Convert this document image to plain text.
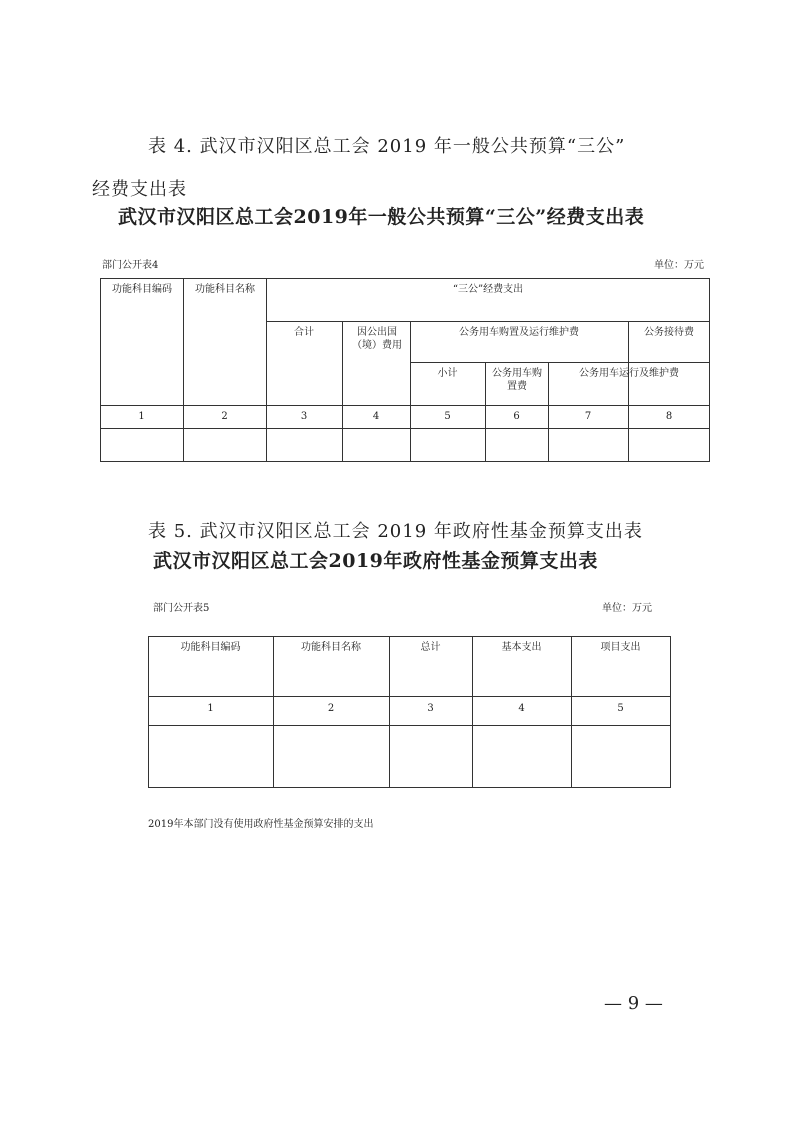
表 4. 武汉市汉阳区总工会 2019 年一般公共预算“三公”
经费支出表
武汉市汉阳区总工会2019年一般公共预算“三公”经费支出表
部门公开表4	单位：万元
功能科目编码	功能科目名称	“三公”经费支出
合计	因公出国（境）费用
公务用车购置及运行维护费	公务接待费
小计	公务用车购置费
公务用车运行及维护费
1	2	3	4	5	6	7	8
表 5. 武汉市汉阳区总工会 2019 年政府性基金预算支出表
武汉市汉阳区总工会2019年政府性基金预算支出表
部门公开表5	单位：万元
功能科目编码	功能科目名称	总计	基本支出	项目支出
1	2	3	4	5
2019年本部门没有使用政府性基金预算安排的支出
— 9 —
